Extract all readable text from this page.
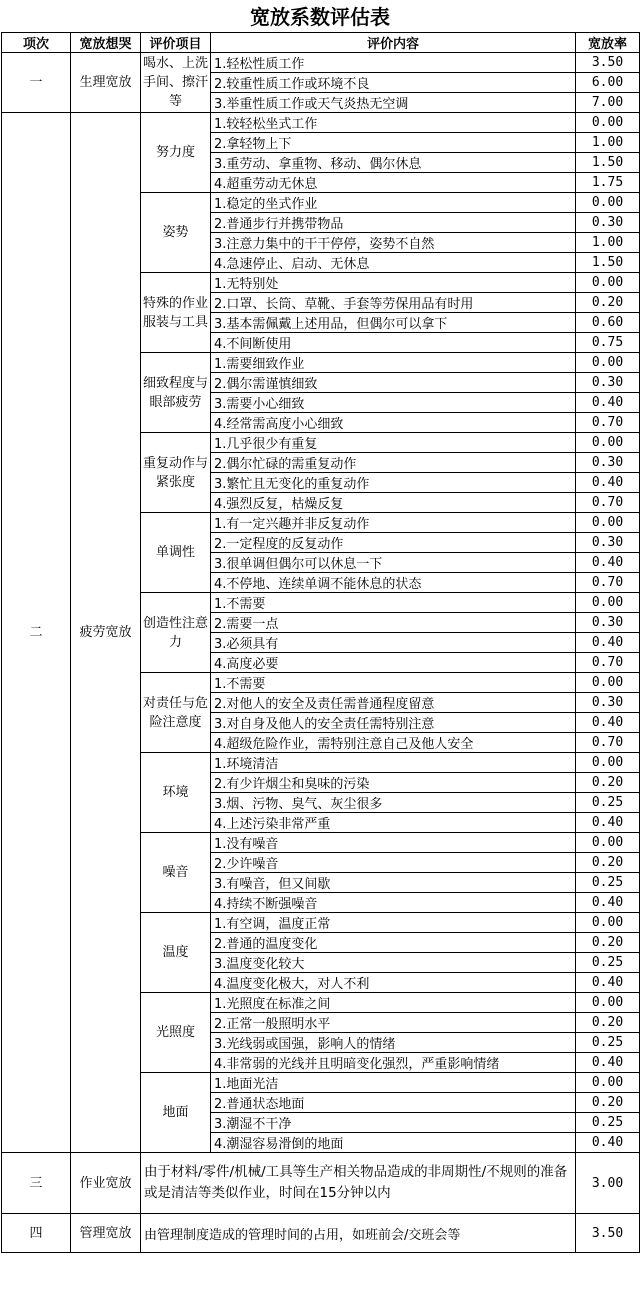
宽放系数评估表
项次	宽放想哭	评价项目	评价内容	宽放率
一	生理宽放	喝水、上洗手间、擦汗等	1.轻松性质工作	3.50
			2.较重性质工作或环境不良	6.00
			3.举重性质工作或天气炎热无空调	7.00
二	疲劳宽放	努力度	1.较轻松坐式工作	0.00
			2.拿轻物上下	1.00
			3.重劳动、拿重物、移动、偶尔休息	1.50
			4.超重劳动无休息	1.75
		姿势	1.稳定的坐式作业	0.00
			2.普通步行并携带物品	0.30
			3.注意力集中的干干停停，姿势不自然	1.00
			4.急速停止、启动、无休息	1.50
		特殊的作业服装与工具	1.无特别处	0.00
			2.口罩、长筒、草靴、手套等劳保用品有时用	0.20
			3.基本需佩戴上述用品，但偶尔可以拿下	0.60
			4.不间断使用	0.75
		细致程度与眼部疲劳	1.需要细致作业	0.00
			2.偶尔需谨慎细致	0.30
			3.需要小心细致	0.40
			4.经常需高度小心细致	0.70
		重复动作与紧张度	1.几乎很少有重复	0.00
			2.偶尔忙碌的需重复动作	0.30
			3.繁忙且无变化的重复动作	0.40
			4.强烈反复，枯燥反复	0.70
		单调性	1.有一定兴趣并非反复动作	0.00
			2.一定程度的反复动作	0.30
			3.很单调但偶尔可以休息一下	0.40
			4.不停地、连续单调不能休息的状态	0.70
		创造性注意力	1.不需要	0.00
			2.需要一点	0.30
			3.必须具有	0.40
			4.高度必要	0.70
		对责任与危险注意度	1.不需要	0.00
			2.对他人的安全及责任需普通程度留意	0.30
			3.对自身及他人的安全责任需特别注意	0.40
			4.超级危险作业，需特别注意自己及他人安全	0.70
		环境	1.环境清洁	0.00
			2.有少许烟尘和臭味的污染	0.20
			3.烟、污物、臭气、灰尘很多	0.25
			4.上述污染非常严重	0.40
		噪音	1.没有噪音	0.00
			2.少许噪音	0.20
			3.有噪音，但又间歇	0.25
			4.持续不断强噪音	0.40
		温度	1.有空调，温度正常	0.00
			2.普通的温度变化	0.20
			3.温度变化较大	0.25
			4.温度变化极大，对人不利	0.40
		光照度	1.光照度在标准之间	0.00
			2.正常一般照明水平	0.20
			3.光线弱或国强，影响人的情绪	0.25
			4.非常弱的光线并且明暗变化强烈，严重影响情绪	0.40
		地面	1.地面光洁	0.00
			2.普通状态地面	0.20
			3.潮湿不干净	0.25
			4.潮湿容易滑倒的地面	0.40
三	作业宽放	由于材料/零件/机械/工具等生产相关物品造成的非周期性/不规则的准备或是清洁等类似作业，时间在15分钟以内		3.00
四	管理宽放	由管理制度造成的管理时间的占用，如班前会/交班会等		3.50
